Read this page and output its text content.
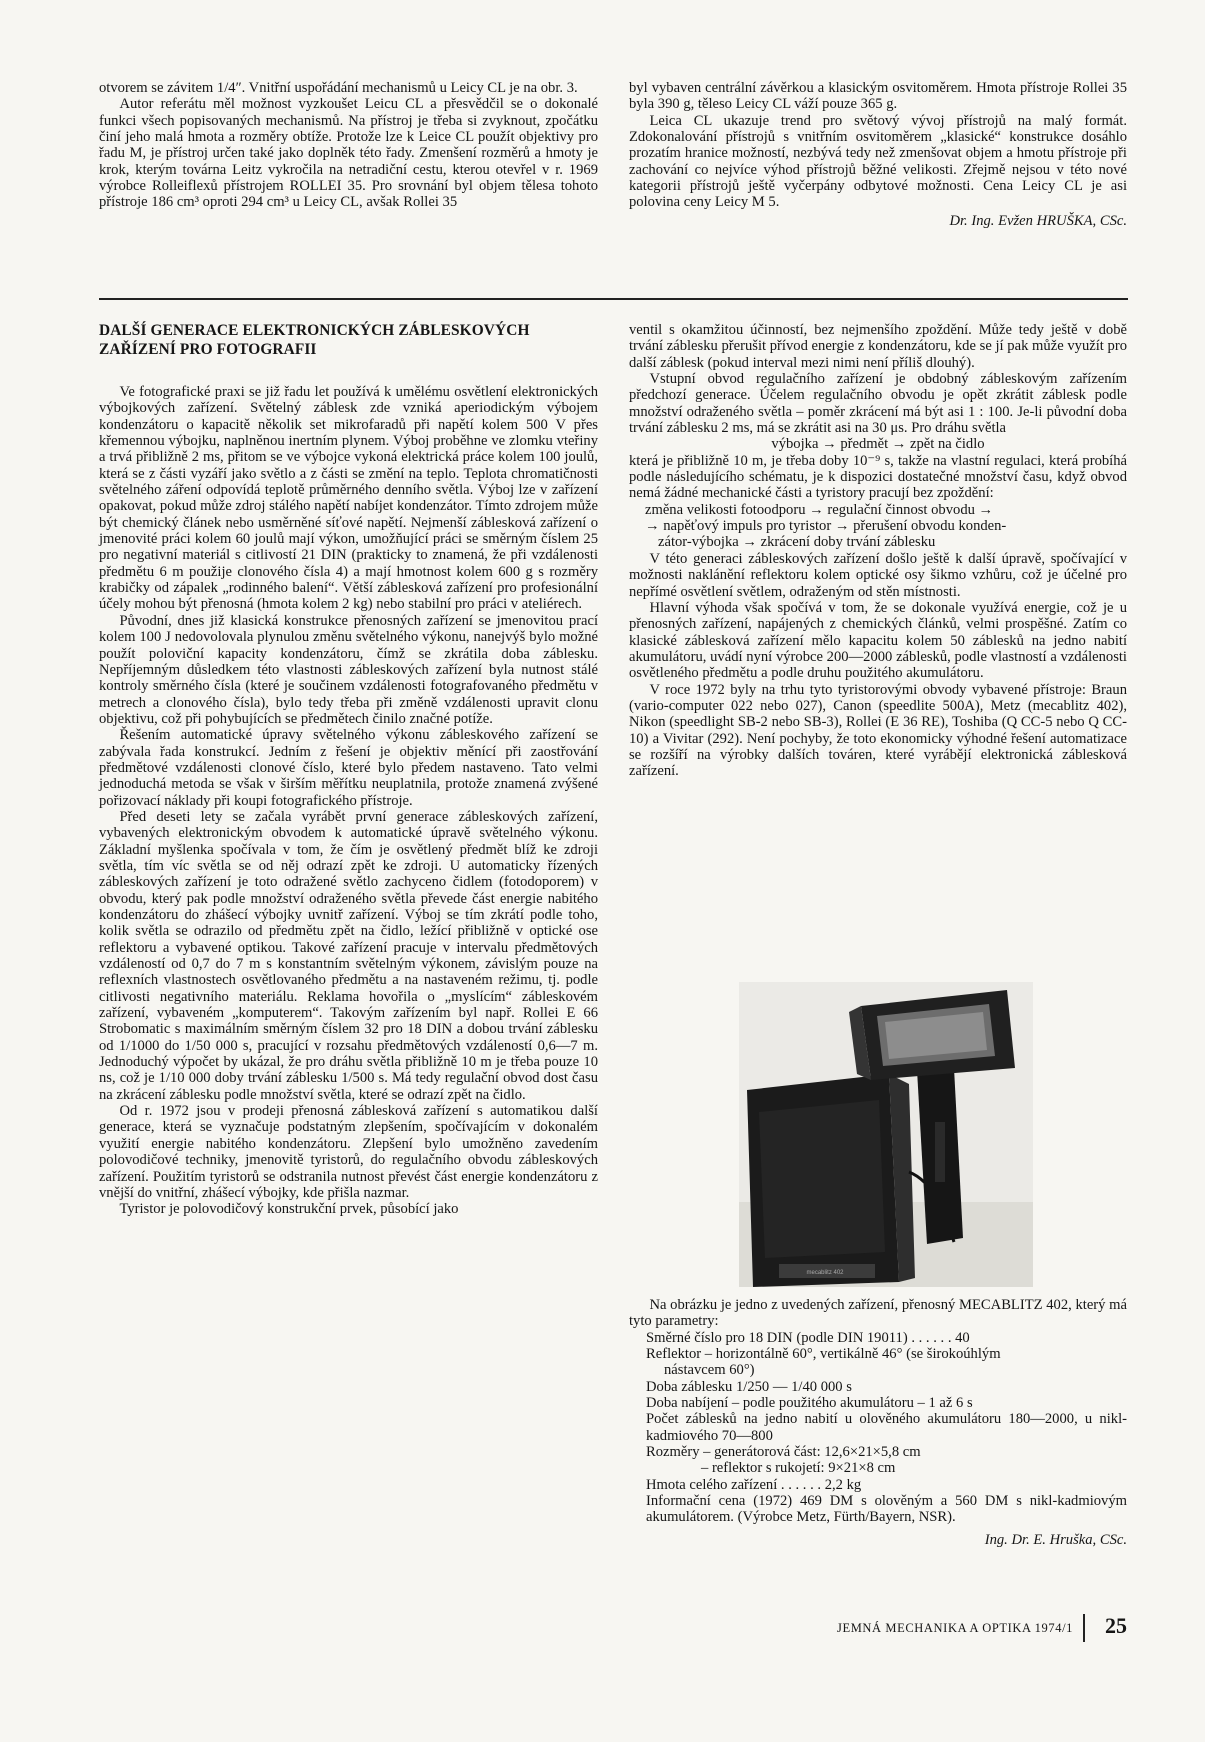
otvorem se závitem 1/4″. Vnitřní uspořádání mechanismů u Leicy CL je na obr. 3.

Autor referátu měl možnost vyzkoušet Leicu CL a přesvědčil se o dokonalé funkci všech popisovaných mechanismů. Na přístroj je třeba si zvyknout, zpočátku činí jeho malá hmota a rozměry obtíže. Protože lze k Leice CL použít objektivy pro řadu M, je přístroj určen také jako doplněk této řady. Zmenšení rozměrů a hmoty je krok, kterým továrna Leitz vykročila na netradiční cestu, kterou otevřel v r. 1969 výrobce Rolleiflexů přístrojem ROLLEI 35. Pro srovnání byl objem tělesa tohoto přístroje 186 cm³ oproti 294 cm³ u Leicy CL, avšak Rollei 35

byl vybaven centrální závěrkou a klasickým osvitoměrem. Hmota přístroje Rollei 35 byla 390 g, těleso Leicy CL váží pouze 365 g.

Leica CL ukazuje trend pro světový vývoj přístrojů na malý formát. Zdokonalování přístrojů s vnitřním osvitoměrem „klasické“ konstrukce dosáhlo prozatím hranice možností, nezbývá tedy než zmenšovat objem a hmotu přístroje při zachování co nejvíce výhod přístrojů běžné velikosti. Zřejmě nejsou v této nové kategorii přístrojů ještě vyčerpány odbytové možnosti. Cena Leicy CL je asi polovina ceny Leicy M 5.

Dr. Ing. Evžen HRUŠKA, CSc.

DALŠÍ GENERACE ELEKTRONICKÝCH ZÁBLESKOVÝCH ZAŘÍZENÍ PRO FOTOGRAFII

Ve fotografické praxi se již řadu let používá k umělému osvětlení elektronických výbojkových zařízení. Světelný záblesk zde vzniká aperiodickým výbojem kondenzátoru o kapacitě několik set mikrofaradů při napětí kolem 500 V přes křemennou výbojku, naplněnou inertním plynem. Výboj proběhne ve zlomku vteřiny a trvá přibližně 2 ms, přitom se ve výbojce vykoná elektrická práce kolem 100 joulů, která se z části vyzáří jako světlo a z části se změní na teplo. Teplota chromatičnosti světelného záření odpovídá teplotě průměrného denního světla. Výboj lze v zařízení opakovat, pokud může zdroj stálého napětí nabíjet kondenzátor. Tímto zdrojem může být chemický článek nebo usměrněné síťové napětí. Nejmenší záblesková zařízení o jmenovité práci kolem 60 joulů mají výkon, umožňující práci se směrným číslem 25 pro negativní materiál s citlivostí 21 DIN (prakticky to znamená, že při vzdálenosti předmětu 6 m použije clonového čísla 4) a mají hmotnost kolem 600 g s rozměry krabičky od zápalek „rodinného balení“. Větší záblesková zařízení pro profesionální účely mohou být přenosná (hmota kolem 2 kg) nebo stabilní pro práci v ateliérech.

Původní, dnes již klasická konstrukce přenosných zařízení se jmenovitou prací kolem 100 J nedovolovala plynulou změnu světelného výkonu, nanejvýš bylo možné použít poloviční kapacity kondenzátoru, čímž se zkrátila doba záblesku. Nepříjemným důsledkem této vlastnosti zábleskových zařízení byla nutnost stálé kontroly směrného čísla (které je součinem vzdálenosti fotografovaného předmětu v metrech a clonového čísla), bylo tedy třeba při změně vzdálenosti upravit clonu objektivu, což při pohybujících se předmětech činilo značné potíže.

Řešením automatické úpravy světelného výkonu zábleskového zařízení se zabývala řada konstrukcí. Jedním z řešení je objektiv měnící při zaostřování předmětové vzdálenosti clonové číslo, které bylo předem nastaveno. Tato velmi jednoduchá metoda se však v širším měřítku neuplatnila, protože znamená zvýšené pořizovací náklady při koupi fotografického přístroje.

Před deseti lety se začala vyrábět první generace zábleskových zařízení, vybavených elektronickým obvodem k automatické úpravě světelného výkonu. Základní myšlenka spočívala v tom, že čím je osvětlený předmět blíž ke zdroji světla, tím víc světla se od něj odrazí zpět ke zdroji. U automaticky řízených zábleskových zařízení je toto odražené světlo zachyceno čidlem (fotodoporem) v obvodu, který pak podle množství odraženého světla převede část energie nabitého kondenzátoru do zhášecí výbojky uvnitř zařízení. Výboj se tím zkrátí podle toho, kolik světla se odrazilo od předmětu zpět na čidlo, ležící přibližně v optické ose reflektoru a vybavené optikou. Takové zařízení pracuje v intervalu předmětových vzdáleností od 0,7 do 7 m s konstantním světelným výkonem, závislým pouze na reflexních vlastnostech osvětlovaného předmětu a na nastaveném režimu, tj. podle citlivosti negativního materiálu. Reklama hovořila o „myslícím“ zábleskovém zařízení, vybaveném „komputerem“. Takovým zařízením byl např. Rollei E 66 Strobomatic s maximálním směrným číslem 32 pro 18 DIN a dobou trvání záblesku od 1/1000 do 1/50 000 s, pracující v rozsahu předmětových vzdáleností 0,6—7 m. Jednoduchý výpočet by ukázal, že pro dráhu světla přibližně 10 m je třeba pouze 10 ns, což je 1/10 000 doby trvání záblesku 1/500 s. Má tedy regulační obvod dost času na zkrácení záblesku podle množství světla, které se odrazí zpět na čidlo.

Od r. 1972 jsou v prodeji přenosná záblesková zařízení s automatikou další generace, která se vyznačuje podstatným zlepšením, spočívajícím v dokonalém využití energie nabitého kondenzátoru. Zlepšení bylo umožněno zavedením polovodičové techniky, jmenovitě tyristorů, do regulačního obvodu zábleskových zařízení. Použitím tyristorů se odstranila nutnost převést část energie kondenzátoru z vnější do vnitřní, zhášecí výbojky, kde přišla nazmar.

Tyristor je polovodičový konstrukční prvek, působící jako

ventil s okamžitou účinností, bez nejmenšího zpoždění. Může tedy ještě v době trvání záblesku přerušit přívod energie z kondenzátoru, kde se jí pak může využít pro další záblesk (pokud interval mezi nimi není příliš dlouhý).

Vstupní obvod regulačního zařízení je obdobný zábleskovým zařízením předchozí generace. Účelem regulačního obvodu je opět zkrátit záblesk podle množství odraženého světla – poměr zkrácení má být asi 1 : 100. Je-li původní doba trvání záblesku 2 ms, má se zkrátit asi na 30 μs. Pro dráhu světla

výbojka → předmět → zpět na čidlo

která je přibližně 10 m, je třeba doby 10⁻⁹ s, takže na vlastní regulaci, která probíhá podle následujícího schématu, je k dispozici dostatečné množství času, když obvod nemá žádné mechanické části a tyristory pracují bez zpoždění:

změna velikosti fotoodporu → regulační činnost obvodu →

→ napěťový impuls pro tyristor → přerušení obvodu konden-

zátor-výbojka → zkrácení doby trvání záblesku

V této generaci zábleskových zařízení došlo ještě k další úpravě, spočívající v možnosti naklánění reflektoru kolem optické osy šikmo vzhůru, což je účelné pro nepřímé osvětlení světlem, odraženým od stěn místnosti.

Hlavní výhoda však spočívá v tom, že se dokonale využívá energie, což je u přenosných zařízení, napájených z chemických článků, velmi prospěšné. Zatím co klasické záblesková zařízení mělo kapacitu kolem 50 záblesků na jedno nabití akumulátoru, uvádí nyní výrobce 200—2000 záblesků, podle vlastností a vzdálenosti osvětleného předmětu a podle druhu použitého akumulátoru.

V roce 1972 byly na trhu tyto tyristorovými obvody vybavené přístroje: Braun (vario-computer 022 nebo 027), Canon (speedlite 500A), Metz (mecablitz 402), Nikon (speedlight SB-2 nebo SB-3), Rollei (E 36 RE), Toshiba (Q CC-5 nebo Q CC-10) a Vivitar (292). Není pochyby, že toto ekonomicky výhodné řešení automatizace se rozšíří na výrobky dalších továren, které vyrábějí elektronická záblesková zařízení.

mecablitz 402

Na obrázku je jedno z uvedených zařízení, přenosný MECABLITZ 402, který má tyto parametry:

Směrné číslo pro 18 DIN (podle DIN 19011) . . . . . . 40

Reflektor – horizontálně 60°, vertikálně 46° (se širokoúhlým

nástavcem 60°)

Doba záblesku 1/250 — 1/40 000 s

Doba nabíjení – podle použitého akumulátoru – 1 až 6 s

Počet záblesků na jedno nabití u olověného akumulátoru 180—2000, u nikl-kadmiového 70—800

Rozměry – generátorová část: 12,6×21×5,8 cm

– reflektor s rukojetí: 9×21×8 cm

Hmota celého zařízení . . . . . . 2,2 kg

Informační cena (1972) 469 DM s olověným a 560 DM s nikl-kadmiovým akumulátorem. (Výrobce Metz, Fürth/Bayern, NSR).

Ing. Dr. E. Hruška, CSc.

JEMNÁ MECHANIKA A OPTIKA 1974/1 25
